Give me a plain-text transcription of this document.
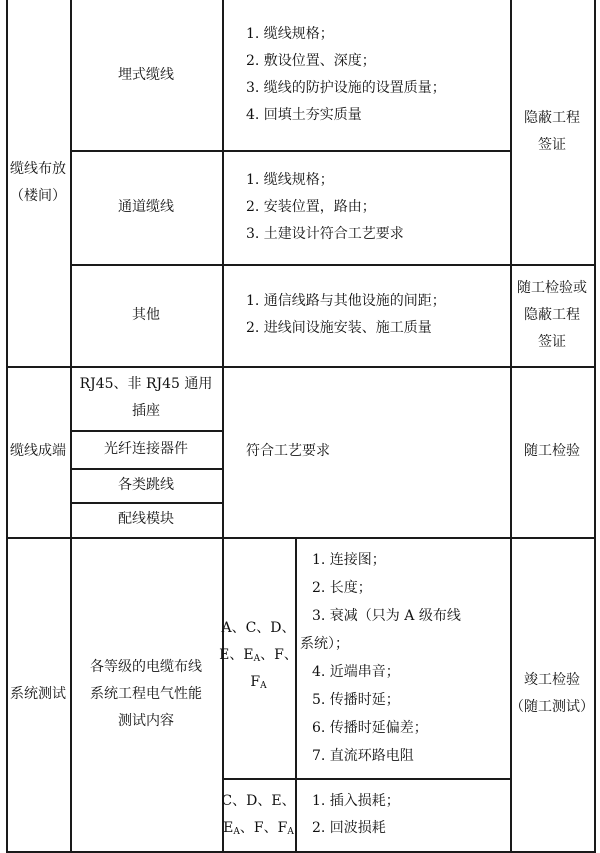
缆线布放
（楼间）
埋式缆线
1. 缆线规格；
2. 敷设位置、深度；
3. 缆线的防护设施的设置质量；
4. 回填土夯实质量
通道缆线
1. 缆线规格；
2. 安装位置，路由；
3. 土建设计符合工艺要求
隐蔽工程
签证
其他
1. 通信线路与其他设施的间距；
2. 进线间设施安装、施工质量
随工检验或
隐蔽工程
签证
缆线成端
RJ45、非 RJ45 通用
插座
光纤连接器件
各类跳线
配线模块
符合工艺要求	随工检验
系统测试
各等级的电缆布线
系统工程电气性能
测试内容
A、C、D、
E、$E_A$、F、
$F_A$
1. 连接图；
2. 长度；
3. 衰减（只为 A 级布线
系统）；
4. 近端串音；
5. 传播时延；
6. 传播时延偏差；
7. 直流环路电阻
C、D、E、
$E_A$、F、$F_A$
1. 插入损耗；
2. 回波损耗
竣工检验
（随工测试）
